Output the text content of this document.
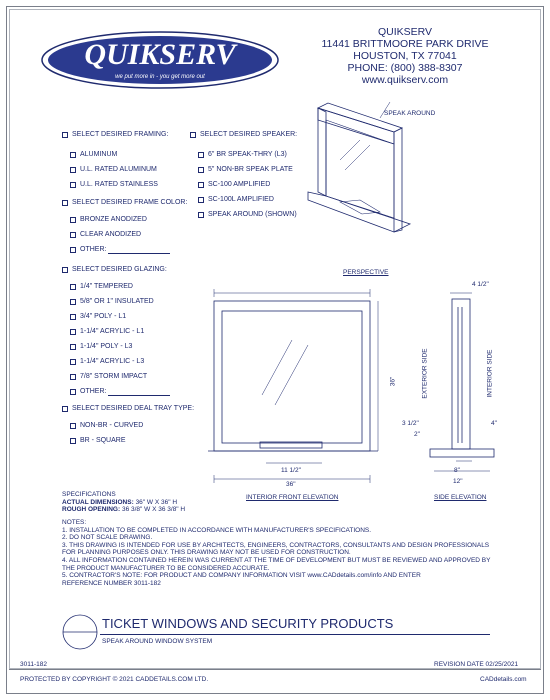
QUIKSERV
we put more in - you get more out
QUIKSERV
11441 BRITTMOORE PARK DRIVE
HOUSTON, TX 77041
PHONE: (800) 388-8307
www.quikserv.com
SELECT DESIRED FRAMING:
ALUMINUM
U.L. RATED ALUMINUM
U.L. RATED STAINLESS
SELECT DESIRED FRAME COLOR:
BRONZE ANODIZED
CLEAR ANODIZED
OTHER:
SELECT DESIRED GLAZING:
1/4" TEMPERED
5/8" OR 1" INSULATED
3/4" POLY - L1
1-1/4" ACRYLIC - L1
1-1/4" POLY - L3
1-1/4" ACRYLIC - L3
7/8" STORM IMPACT
OTHER:
SELECT DESIRED DEAL TRAY TYPE:
NON-BR - CURVED
BR - SQUARE
SELECT DESIRED SPEAKER:
6" BR SPEAK-THRY (L3)
5" NON-BR SPEAK PLATE
SC-100 AMPLIFIED
SC-100L AMPLIFIED
SPEAK AROUND (SHOWN)
SPEAK AROUND
PERSPECTIVE
11 1/2"
36"
36"
INTERIOR FRONT ELEVATION
4 1/2"
3 1/2"
2"
4"
8"
12"
EXTERIOR SIDE	INTERIOR SIDE
SIDE ELEVATION
SPECIFICATIONS
ACTUAL DIMENSIONS: 36" W X 36" H
ROUGH OPENING: 36 3/8" W X 36 3/8" H
NOTES:
1. INSTALLATION TO BE COMPLETED IN ACCORDANCE WITH MANUFACTURER'S SPECIFICATIONS.
2. DO NOT SCALE DRAWING.
3. THIS DRAWING IS INTENDED FOR USE BY ARCHITECTS, ENGINEERS, CONTRACTORS, CONSULTANTS AND DESIGN PROFESSIONALS
FOR PLANNING PURPOSES ONLY. THIS DRAWING MAY NOT BE USED FOR CONSTRUCTION.
4. ALL INFORMATION CONTAINED HEREIN WAS CURRENT AT THE TIME OF DEVELOPMENT BUT MUST BE REVIEWED AND APPROVED BY
THE PRODUCT MANUFACTURER TO BE CONSIDERED ACCURATE.
5. CONTRACTOR'S NOTE: FOR PRODUCT AND COMPANY INFORMATION VISIT www.CADdetails.com/info AND ENTER
REFERENCE NUMBER 3011-182
TICKET WINDOWS AND SECURITY PRODUCTS
SPEAK AROUND WINDOW SYSTEM
3011-182	REVISION DATE 02/25/2021
PROTECTED BY COPYRIGHT © 2021 CADDETAILS.COM LTD.	CADdetails.com
